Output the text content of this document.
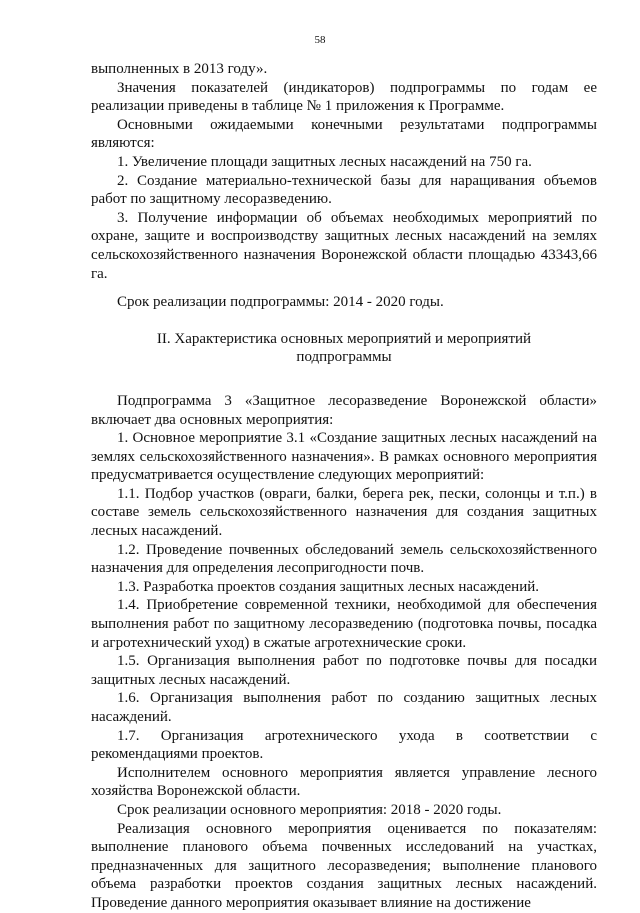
58

выполненных в 2013 году».

Значения показателей (индикаторов) подпрограммы по годам ее реализации приведены в таблице № 1 приложения к Программе.

Основными ожидаемыми конечными результатами подпрограммы являются:

1. Увеличение площади защитных лесных насаждений на 750 га.

2. Создание материально-технической базы для наращивания объемов работ по защитному лесоразведению.

3. Получение информации об объемах необходимых мероприятий по охране, защите и воспроизводству защитных лесных насаждений на землях сельскохозяйственного назначения Воронежской области площадью 43343,66 га.

Срок реализации подпрограммы: 2014 - 2020 годы.

II. Характеристика основных мероприятий и мероприятий
подпрограммы

Подпрограмма 3 «Защитное лесоразведение Воронежской области» включает два основных мероприятия:

1. Основное мероприятие 3.1 «Создание защитных лесных насаждений на землях сельскохозяйственного назначения». В рамках основного мероприятия предусматривается осуществление следующих мероприятий:

1.1. Подбор участков (овраги, балки, берега рек, пески, солонцы и т.п.) в составе земель сельскохозяйственного назначения для создания защитных лесных насаждений.

1.2. Проведение почвенных обследований земель сельскохозяйственного назначения для определения лесопригодности почв.

1.3. Разработка проектов создания защитных лесных насаждений.

1.4. Приобретение современной техники, необходимой для обеспечения выполнения работ по защитному лесоразведению (подготовка почвы, посадка и агротехнический уход) в сжатые агротехнические сроки.

1.5. Организация выполнения работ по подготовке почвы для посадки защитных лесных насаждений.

1.6. Организация выполнения работ по созданию защитных лесных насаждений.

1.7. Организация агротехнического ухода в соответствии с рекомендациями проектов.

Исполнителем основного мероприятия является управление лесного хозяйства Воронежской области.

Срок реализации основного мероприятия: 2018 - 2020 годы.

Реализация основного мероприятия оценивается по показателям: выполнение планового объема почвенных исследований на участках, предназначенных для защитного лесоразведения; выполнение планового объема разработки проектов создания защитных лесных насаждений. Проведение данного мероприятия оказывает влияние на достижение
